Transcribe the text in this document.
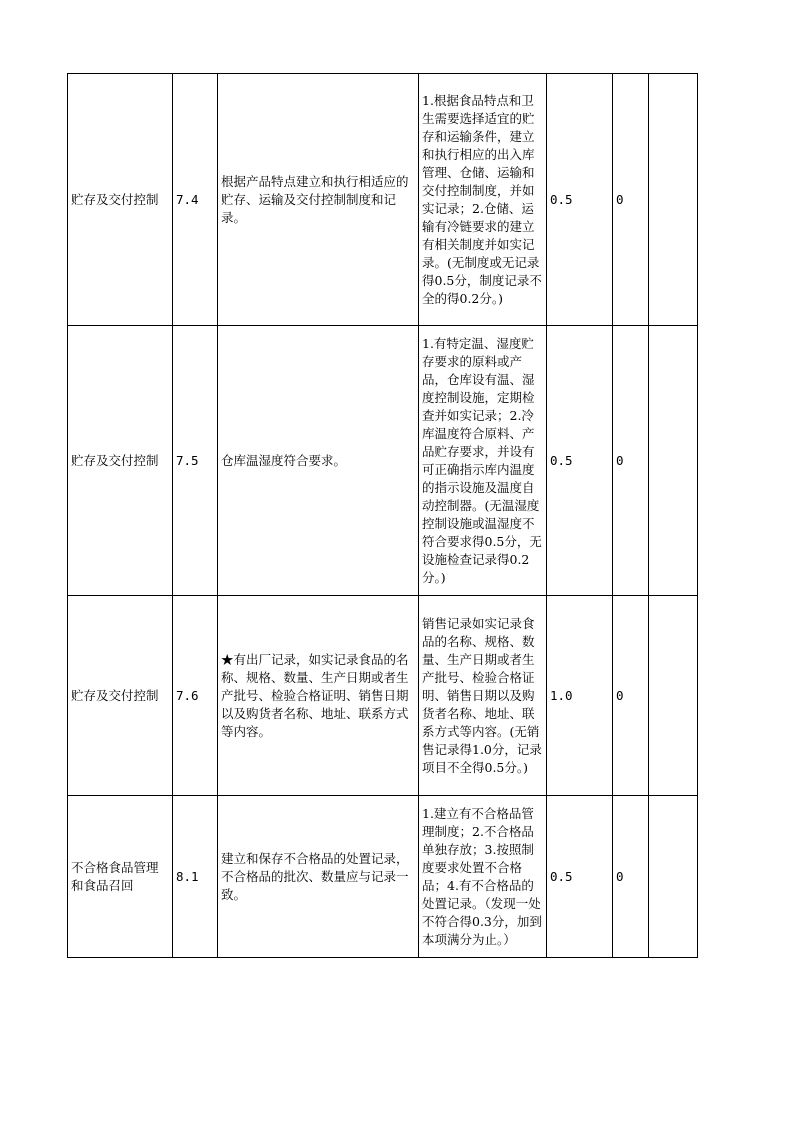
贮存及交付控制	7.4	根据产品特点建立和执行相适应的贮存、运输及交付控制制度和记录。	1.根据食品特点和卫生需要选择适宜的贮存和运输条件，建立和执行相应的出入库管理、仓储、运输和交付控制制度，并如实记录；2.仓储、运输有冷链要求的建立有相关制度并如实记录。(无制度或无记录得0.5分，制度记录不全的得0.2分。)	0.5	0	
贮存及交付控制	7.5	仓库温湿度符合要求。	1.有特定温、湿度贮存要求的原料或产品，仓库设有温、湿度控制设施，定期检查并如实记录；2.冷库温度符合原料、产品贮存要求，并设有可正确指示库内温度的指示设施及温度自动控制器。(无温湿度控制设施或温湿度不符合要求得0.5分，无设施检查记录得0.2分。)	0.5	0	
贮存及交付控制	7.6	★有出厂记录，如实记录食品的名称、规格、数量、生产日期或者生产批号、检验合格证明、销售日期以及购货者名称、地址、联系方式等内容。	销售记录如实记录食品的名称、规格、数量、生产日期或者生产批号、检验合格证明、销售日期以及购货者名称、地址、联系方式等内容。(无销售记录得1.0分，记录项目不全得0.5分。)	1.0	0	
不合格食品管理和食品召回	8.1	建立和保存不合格品的处置记录，不合格品的批次、数量应与记录一致。	1.建立有不合格品管理制度；2.不合格品单独存放；3.按照制度要求处置不合格品；4.有不合格品的处置记录。（发现一处不符合得0.3分，加到本项满分为止。）	0.5	0	
